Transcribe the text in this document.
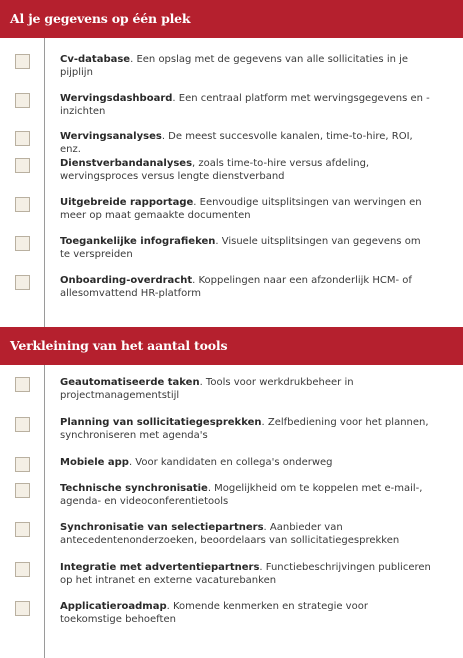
Al je gegevens op één plek
Cv-database. Een opslag met de gegevens van alle sollicitaties in je pijplijn
Wervingsdashboard. Een centraal platform met wervingsgegevens en -inzichten
Wervingsanalyses. De meest succesvolle kanalen, time-to-hire, ROI, enz.
Dienstverbandanalyses, zoals time-to-hire versus afdeling, wervingsproces versus lengte dienstverband
Uitgebreide rapportage. Eenvoudige uitsplitsingen van wervingen en meer op maat gemaakte documenten
Toegankelijke infografieken. Visuele uitsplitsingen van gegevens om te verspreiden
Onboarding-overdracht. Koppelingen naar een afzonderlijk HCM- of allesomvattend HR-platform
Verkleining van het aantal tools
Geautomatiseerde taken. Tools voor werkdrukbeheer in projectmanagementstijl
Planning van sollicitatiegesprekken. Zelfbediening voor het plannen, synchroniseren met agenda's
Mobiele app. Voor kandidaten en collega's onderweg
Technische synchronisatie. Mogelijkheid om te koppelen met e-mail-, agenda- en videoconferentietools
Synchronisatie van selectiepartners. Aanbieder van antecedentenonderzoeken, beoordelaars van sollicitatiegesprekken
Integratie met advertentiepartners. Functiebeschrijvingen publiceren op het intranet en externe vacaturebanken
Applicatieroadmap. Komende kenmerken en strategie voor toekomstige behoeften
